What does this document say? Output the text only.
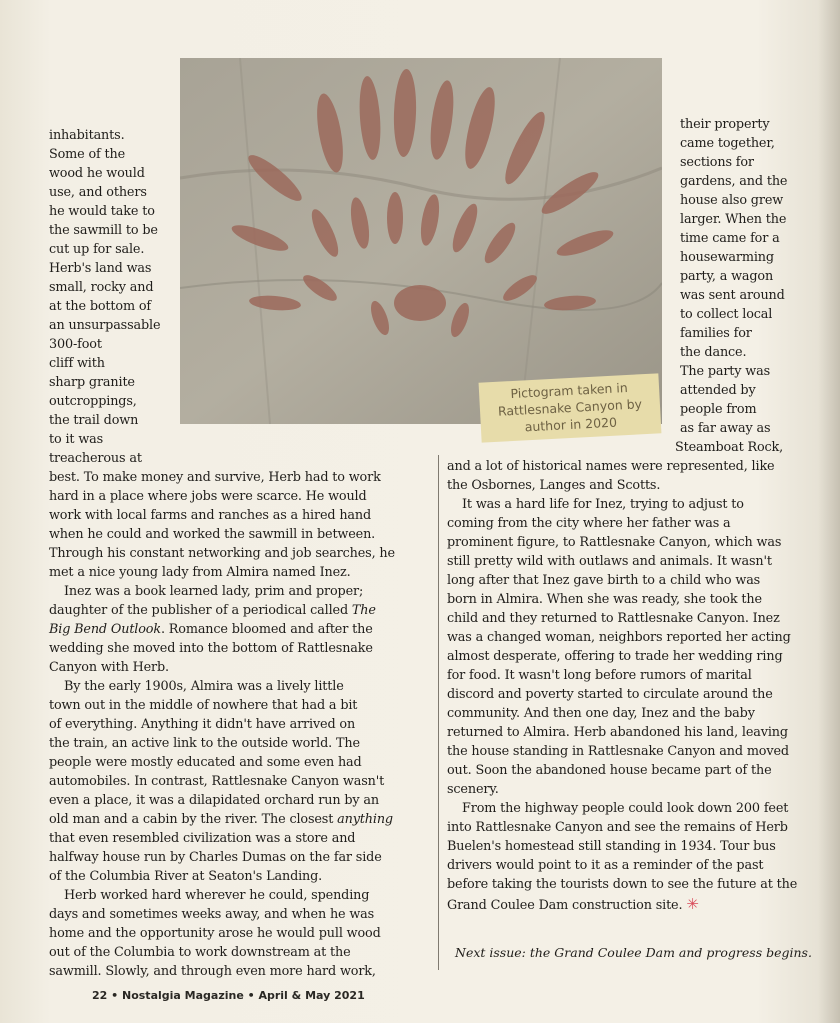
Pictogram taken in
Rattlesnake Canyon by
author in 2020
inhabitants.
Some of the
wood he would
use, and others
he would take to
the sawmill to be
cut up for sale.
Herb's land was
small, rocky and
at the bottom of
an unsurpassable
300-foot
cliff with
sharp granite
outcroppings,
the trail down
to it was
treacherous at
their property
came together,
sections for
gardens, and the
house also grew
larger. When the
time came for a
housewarming
party, a wagon
was sent around
to collect local
families for
the dance.
The party was
attended by
people from
as far away as
Steamboat Rock,
best. To make money and survive, Herb had to work
hard in a place where jobs were scarce. He would
work with local farms and ranches as a hired hand
when he could and worked the sawmill in between.
Through his constant networking and job searches, he
met a nice young lady from Almira named Inez.
Inez was a book learned lady, prim and proper;
daughter of the publisher of a periodical called The
Big Bend Outlook. Romance bloomed and after the
wedding she moved into the bottom of Rattlesnake
Canyon with Herb.
By the early 1900s, Almira was a lively little
town out in the middle of nowhere that had a bit
of everything. Anything it didn't have arrived on
the train, an active link to the outside world. The
people were mostly educated and some even had
automobiles. In contrast, Rattlesnake Canyon wasn't
even a place, it was a dilapidated orchard run by an
old man and a cabin by the river. The closest anything
that even resembled civilization was a store and
halfway house run by Charles Dumas on the far side
of the Columbia River at Seaton's Landing.
Herb worked hard wherever he could, spending
days and sometimes weeks away, and when he was
home and the opportunity arose he would pull wood
out of the Columbia to work downstream at the
sawmill. Slowly, and through even more hard work,
and a lot of historical names were represented, like
the Osbornes, Langes and Scotts.
It was a hard life for Inez, trying to adjust to
coming from the city where her father was a
prominent figure, to Rattlesnake Canyon, which was
still pretty wild with outlaws and animals. It wasn't
long after that Inez gave birth to a child who was
born in Almira. When she was ready, she took the
child and they returned to Rattlesnake Canyon. Inez
was a changed woman, neighbors reported her acting
almost desperate, offering to trade her wedding ring
for food. It wasn't long before rumors of marital
discord and poverty started to circulate around the
community. And then one day, Inez and the baby
returned to Almira. Herb abandoned his land, leaving
the house standing in Rattlesnake Canyon and moved
out. Soon the abandoned house became part of the
scenery.
From the highway people could look down 200 feet
into Rattlesnake Canyon and see the remains of Herb
Buelen's homestead still standing in 1934. Tour bus
drivers would point to it as a reminder of the past
before taking the tourists down to see the future at the
Grand Coulee Dam construction site. ✳
Next issue: the Grand Coulee Dam and progress begins.
22 • Nostalgia Magazine • April & May 2021
